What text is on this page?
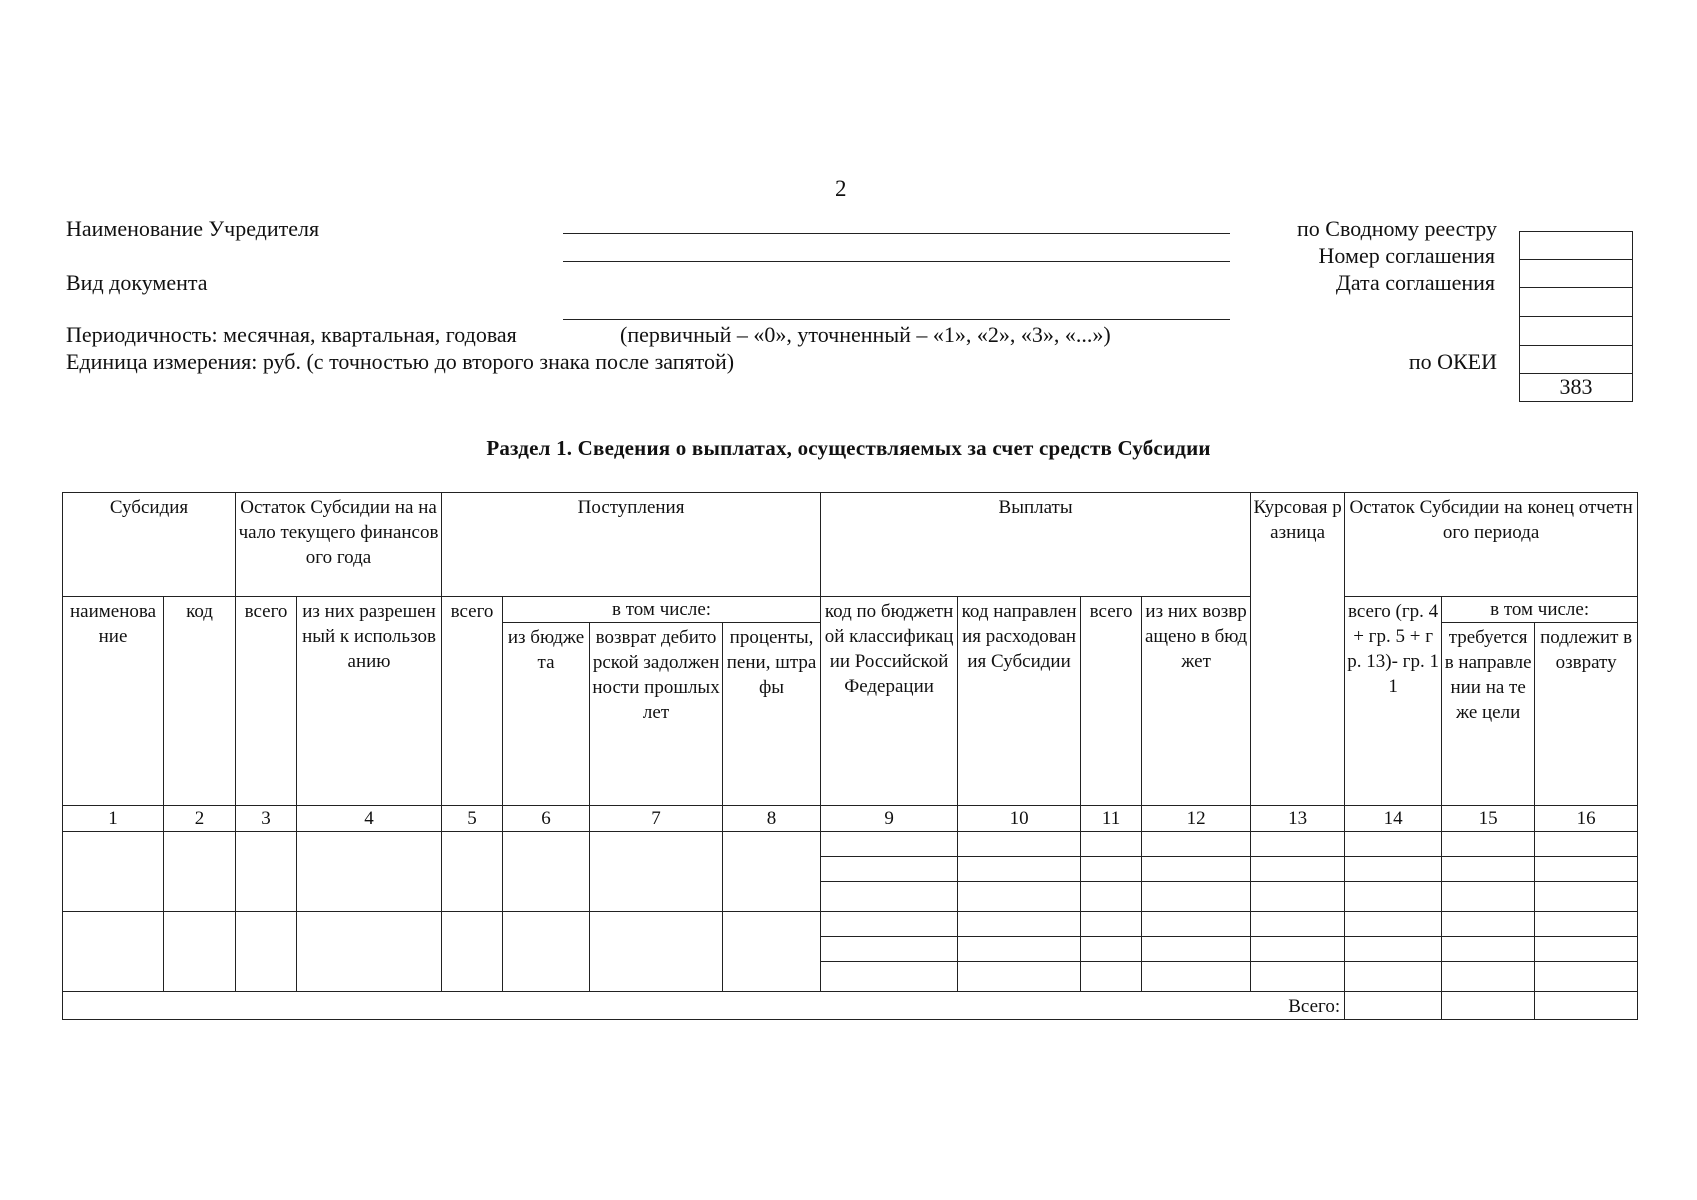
2
Наименование Учредителя
Вид документа
Периодичность: месячная, квартальная, годовая
Единица измерения: руб. (с точностью до второго знака после запятой)
(первичный – «0», уточненный – «1», «2», «3», «...»)
по Сводному реестру
Номер соглашения
Дата соглашения
по ОКЕИ
383
Раздел 1. Сведения о выплатах, осуществляемых за счет средств Субсидии
Субсидия		Остаток Субсидии на начало текущего финансового года		Поступления				Выплаты				Курсовая разница	Остаток Субсидии на конец отчетного периода		
наименование	код	всего	из них разрешенный к использованию	всего	в том числе:			код по бюджетной классификации Российской Федерации	код направления расходования Субсидии	всего	из них возвращено в бюджет		всего (гр. 4 + гр. 5 + гр. 13)- гр. 11	в том числе:	
					из бюджета	возврат дебиторской задолженности прошлых лет	проценты, пени, штрафы							требуется в направлении на те же цели	подлежит возврату
1	2	3	4	5	6	7	8	9	10	11	12	13	14	15	16

Всего:															
